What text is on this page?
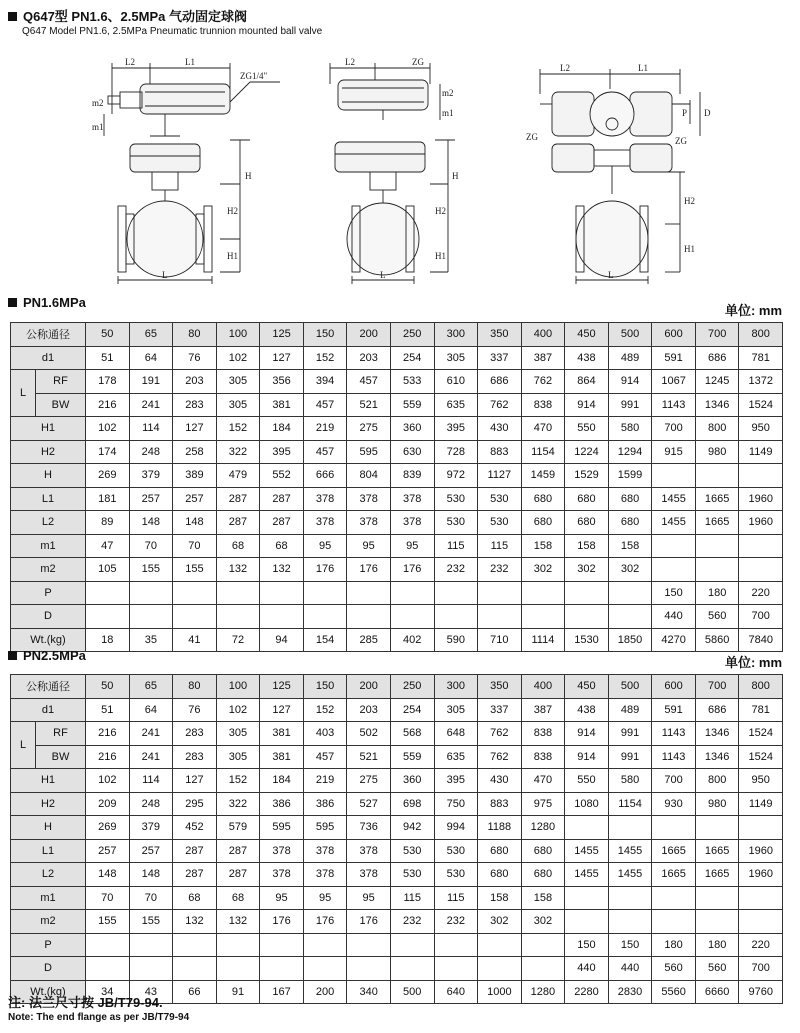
Q647型 PN1.6、2.5MPa 气动固定球阀
Q647 Model PN1.6, 2.5MPa Pneumatic trunnion mounted ball valve
L2	L1
ZG1/4"
m2
m1
H2
H
H1
L
L2	ZG
m2
m1
H2
H
H1
L
L2	L1
P D
ZG	ZG
H2
H1
L
PN1.6MPa
单位: mm
公称通径		50	65	80	100	125	150	200	250	300	350	400	450	500	600	700	800
d1		51	64	76	102	127	152	203	254	305	337	387	438	489	591	686	781
L	RF	178	191	203	305	356	394	457	533	610	686	762	864	914	1067	1245	1372
	BW	216	241	283	305	381	457	521	559	635	762	838	914	991	1143	1346	1524
H1		102	114	127	152	184	219	275	360	395	430	470	550	580	700	800	950
H2		174	248	258	322	395	457	595	630	728	883	1154	1224	1294	915	980	1149
H		269	379	389	479	552	666	804	839	972	1127	1459	1529	1599			
L1		181	257	257	287	287	378	378	378	530	530	680	680	680	1455	1665	1960
L2		89	148	148	287	287	378	378	378	530	530	680	680	680	1455	1665	1960
m1		47	70	70	68	68	95	95	95	115	115	158	158	158			
m2		105	155	155	132	132	176	176	176	232	232	302	302	302			
P															150	180	220
D															440	560	700
Wt.(kg)		18	35	41	72	94	154	285	402	590	710	1114	1530	1850	4270	5860	7840
PN2.5MPa	单位: mm
公称通径		50	65	80	100	125	150	200	250	300	350	400	450	500	600	700	800
d1		51	64	76	102	127	152	203	254	305	337	387	438	489	591	686	781
L	RF	216	241	283	305	381	403	502	568	648	762	838	914	991	1143	1346	1524
	BW	216	241	283	305	381	457	521	559	635	762	838	914	991	1143	1346	1524
H1		102	114	127	152	184	219	275	360	395	430	470	550	580	700	800	950
H2		209	248	295	322	386	386	527	698	750	883	975	1080	1154	930	980	1149
H		269	379	452	579	595	595	736	942	994	1188	1280					
L1		257	257	287	287	378	378	378	530	530	680	680	1455	1455	1665	1665	1960
L2		148	148	287	287	378	378	378	530	530	680	680	1455	1455	1665	1665	1960
m1		70	70	68	68	95	95	95	115	115	158	158					
m2		155	155	132	132	176	176	176	232	232	302	302					
P													150	150	180	180	220
D													440	440	560	560	700
Wt.(kg)		34	43	66	91	167	200	340	500	640	1000	1280	2280	2830	5560	6660	9760
注: 法兰尺寸按 JB/T79-94.
Note: The end flange as per JB/T79-94
